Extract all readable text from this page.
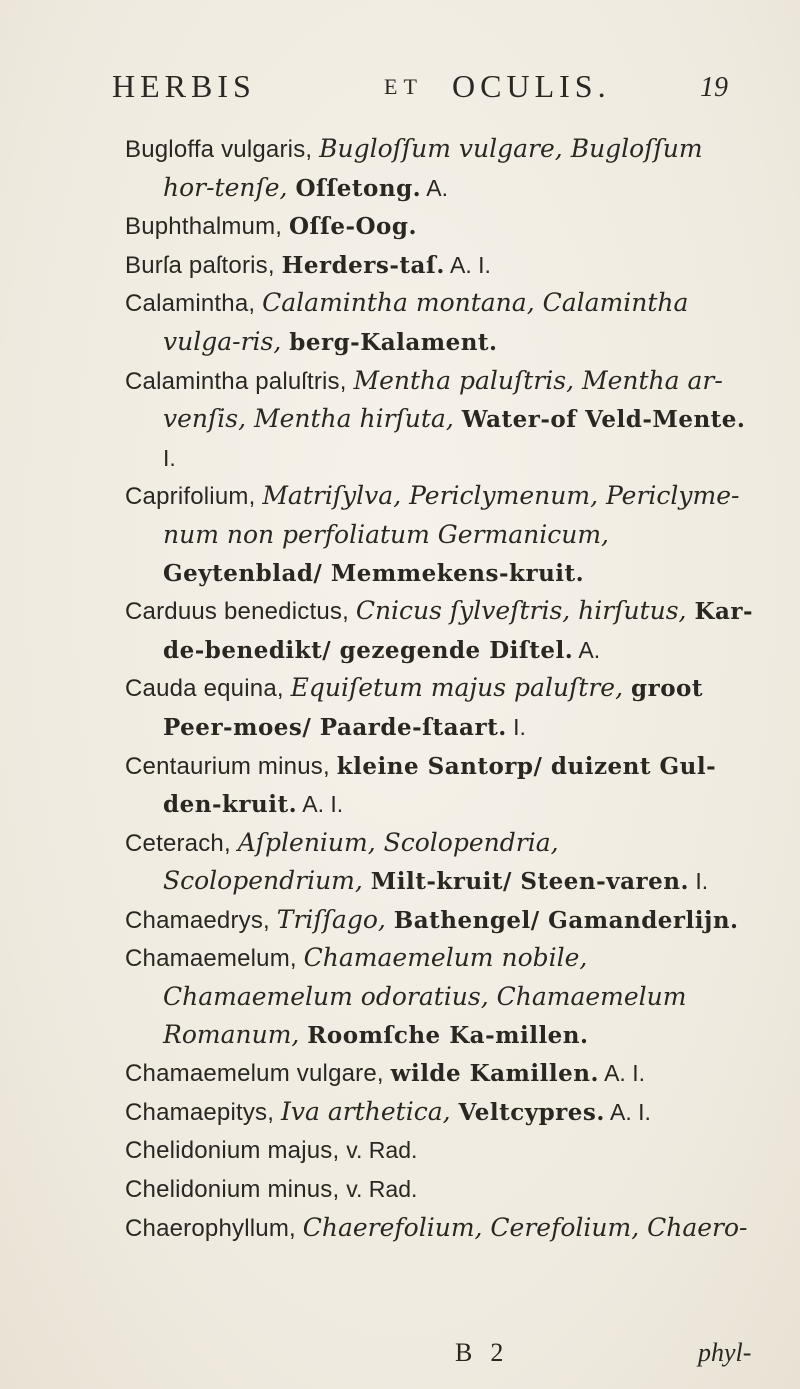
HERBIS	ET OCULIS.	19

Bugloffa vulgaris, Bugloſſum vulgare, Bugloſſum hor-tenſe, Oſſetong. A.

Buphthalmum, Oſſe-Oog.

Burſa paſtoris, Herders-taſ. A. I.

Calamintha, Calamintha montana, Calamintha vulga-ris, berg-Kalament.

Calamintha paluſtris, Mentha paluſtris, Mentha ar-venſis, Mentha hirſuta, Water-of Veld-Mente. I.

Caprifolium, Matriſylva, Periclymenum, Periclyme-num non perfoliatum Germanicum, Geytenblad/ Memmekens-kruit.

Carduus benedictus, Cnicus ſylveſtris, hirſutus, Kar-de-benedikt/ gezegende Diſtel. A.

Cauda equina, Equiſetum majus paluſtre, groot Peer-moes/ Paarde-ſtaart. I.

Centaurium minus, kleine Santorp/ duizent Gul-den-kruit. A. I.

Ceterach, Aſplenium, Scolopendria, Scolopendrium, Milt-kruit/ Steen-varen. I.

Chamaedrys, Triſſago, Bathengel/ Gamanderlijn.

Chamaemelum, Chamaemelum nobile, Chamaemelum odoratius, Chamaemelum Romanum, Roomſche Ka-millen.

Chamaemelum vulgare, wilde Kamillen. A. I.

Chamaepitys, Iva arthetica, Veltcypres. A. I.

Chelidonium majus, v. Rad.

Chelidonium minus, v. Rad.

Chaerophyllum, Chaerefolium, Cerefolium, Chaero-

B 2	phyl-
